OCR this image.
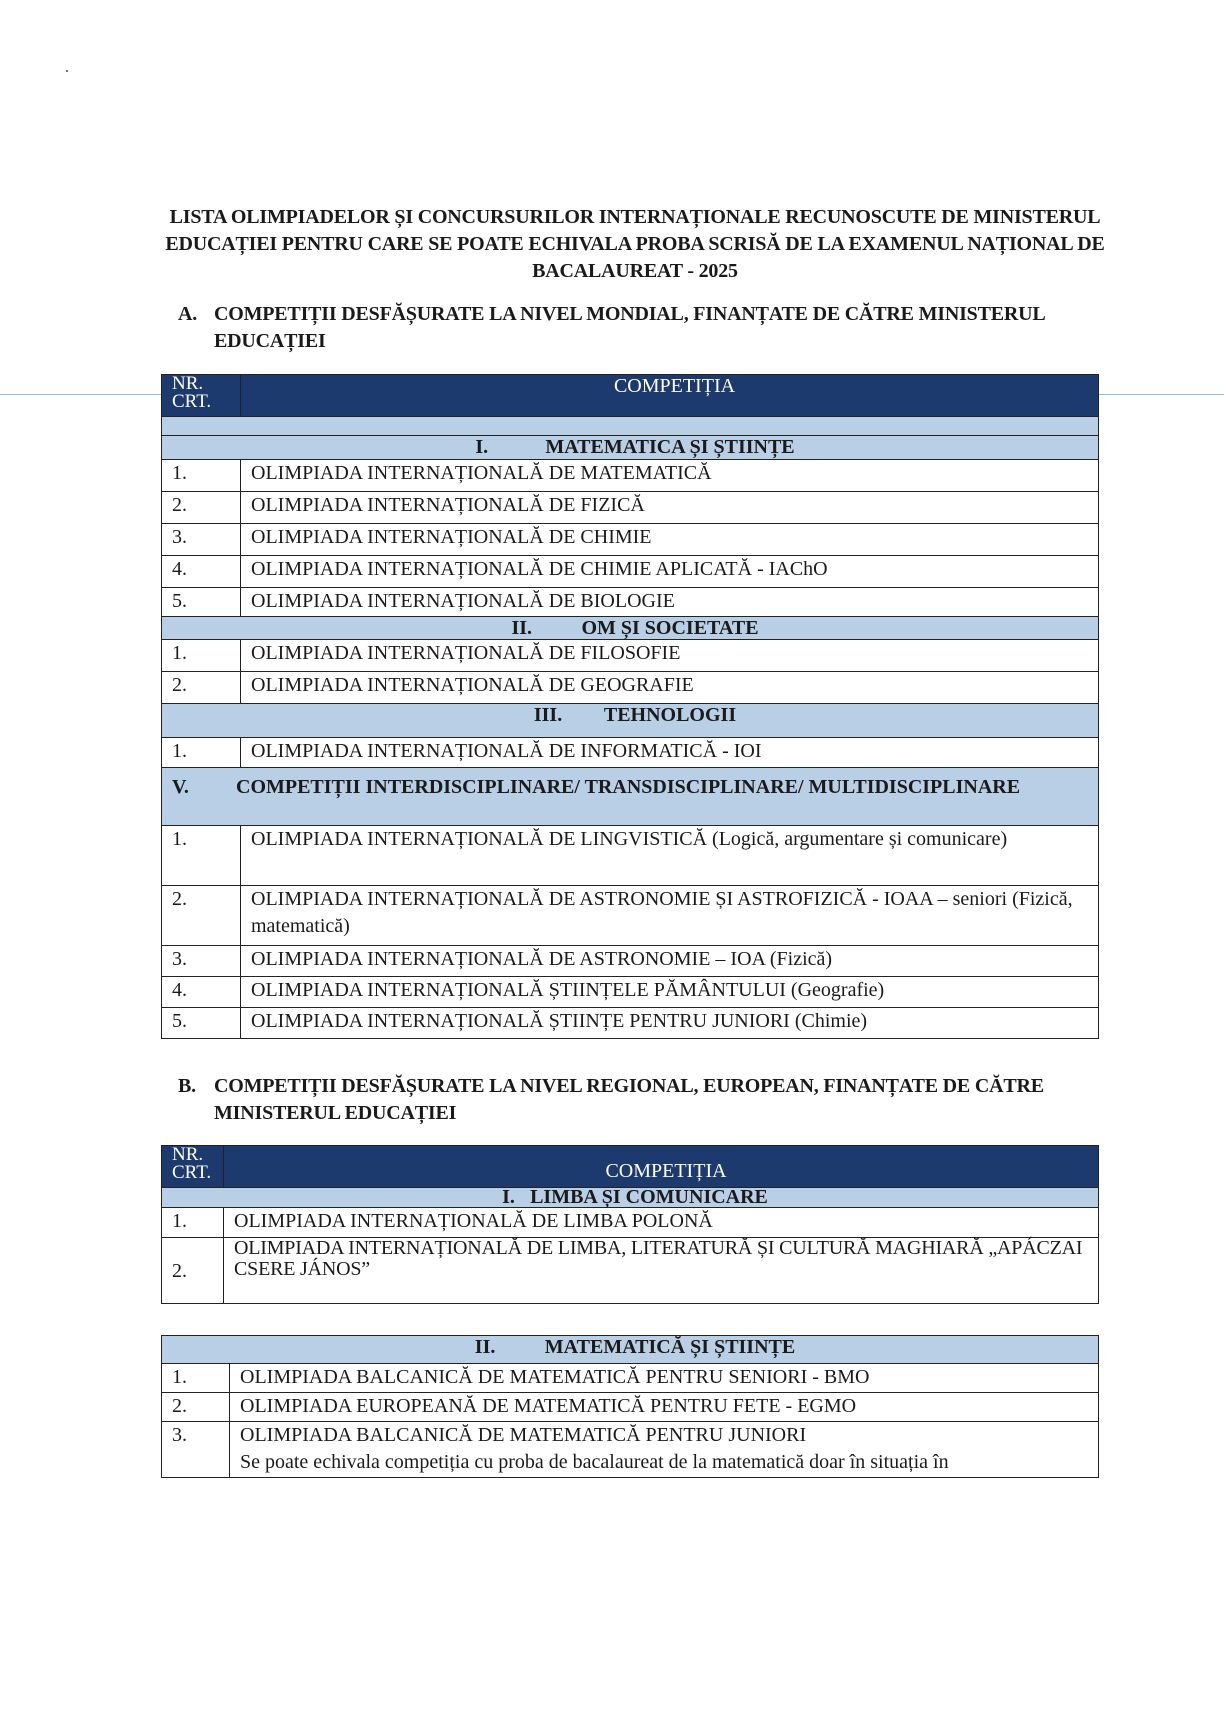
LISTA OLIMPIADELOR ȘI CONCURSURILOR INTERNAȚIONALE RECUNOSCUTE DE MINISTERUL EDUCAȚIEI PENTRU CARE SE POATE ECHIVALA PROBA SCRISĂ DE LA EXAMENUL NAȚIONAL DE BACALAUREAT - 2025
A. COMPETIȚII DESFĂȘURATE LA NIVEL MONDIAL, FINANȚATE DE CĂTRE MINISTERUL EDUCAȚIEI
NR. CRT.	COMPETIȚIA

I. MATEMATICA ȘI ȘTIINȚE	
1.	OLIMPIADA INTERNAȚIONALĂ DE MATEMATICĂ
2.	OLIMPIADA INTERNAȚIONALĂ DE FIZICĂ
3.	OLIMPIADA INTERNAȚIONALĂ DE CHIMIE
4.	OLIMPIADA INTERNAȚIONALĂ DE CHIMIE APLICATĂ - IAChO
5.	OLIMPIADA INTERNAȚIONALĂ DE BIOLOGIE
II. OM ȘI SOCIETATE	
1.	OLIMPIADA INTERNAȚIONALĂ DE FILOSOFIE
2.	OLIMPIADA INTERNAȚIONALĂ DE GEOGRAFIE
III. TEHNOLOGII	
1.	OLIMPIADA INTERNAȚIONALĂ DE INFORMATICĂ - IOI
V. COMPETIȚII INTERDISCIPLINARE/ TRANSDISCIPLINARE/ MULTIDISCIPLINARE	
1.	OLIMPIADA INTERNAȚIONALĂ DE LINGVISTICĂ (Logică, argumentare și comunicare)
2.	OLIMPIADA INTERNAȚIONALĂ DE ASTRONOMIE ȘI ASTROFIZICĂ - IOAA – seniori (Fizică, matematică)
3.	OLIMPIADA INTERNAȚIONALĂ DE ASTRONOMIE – IOA (Fizică)
4.	OLIMPIADA INTERNAȚIONALĂ ȘTIINȚELE PĂMÂNTULUI (Geografie)
5.	OLIMPIADA INTERNAȚIONALĂ ȘTIINȚE PENTRU JUNIORI (Chimie)
B. COMPETIȚII DESFĂȘURATE LA NIVEL REGIONAL, EUROPEAN, FINANȚATE DE CĂTRE MINISTERUL EDUCAȚIEI
NR. CRT.	COMPETIȚIA
I. LIMBA ȘI COMUNICARE	
1.	OLIMPIADA INTERNAȚIONALĂ DE LIMBA POLONĂ
2.	OLIMPIADA INTERNAȚIONALĂ DE LIMBA, LITERATURĂ ȘI CULTURĂ MAGHIARĂ „APÁCZAI CSERE JÁNOS”
II. MATEMATICĂ ȘI ȘTIINȚE	
1.	OLIMPIADA BALCANICĂ DE MATEMATICĂ PENTRU SENIORI - BMO
2.	OLIMPIADA EUROPEANĂ DE MATEMATICĂ PENTRU FETE - EGMO
3.	OLIMPIADA BALCANICĂ DE MATEMATICĂ PENTRU JUNIORI
Se poate echivala competiția cu proba de bacalaureat de la matematică doar în situația în
